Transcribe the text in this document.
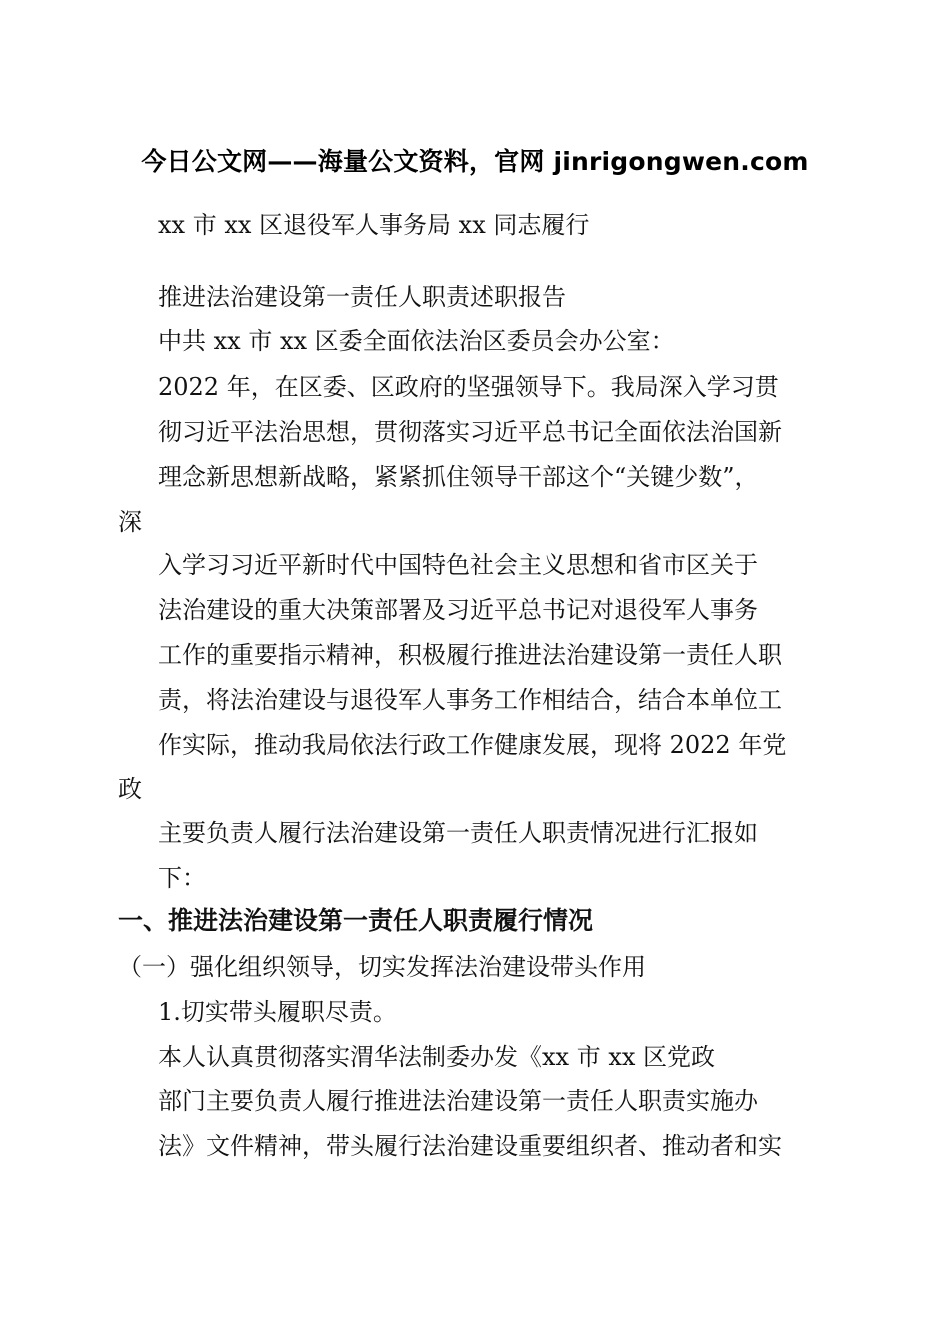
今日公文网——海量公文资料，官网 jinrigongwen.com
xx 市 xx 区退役军人事务局 xx 同志履行
推进法治建设第一责任人职责述职报告
中共 xx 市 xx 区委全面依法治区委员会办公室：
2022 年，在区委、区政府的坚强领导下。我局深入学习贯
彻习近平法治思想，贯彻落实习近平总书记全面依法治国新
理念新思想新战略，紧紧抓住领导干部这个“关键少数”，
深
入学习习近平新时代中国特色社会主义思想和省市区关于
法治建设的重大决策部署及习近平总书记对退役军人事务
工作的重要指示精神，积极履行推进法治建设第一责任人职
责，将法治建设与退役军人事务工作相结合，结合本单位工
作实际，推动我局依法行政工作健康发展，现将 2022 年党
政
主要负责人履行法治建设第一责任人职责情况进行汇报如
下：
一、推进法治建设第一责任人职责履行情况
（一）强化组织领导，切实发挥法治建设带头作用
1.切实带头履职尽责。
本人认真贯彻落实渭华法制委办发《xx 市 xx 区党政
部门主要负责人履行推进法治建设第一责任人职责实施办
法》文件精神，带头履行法治建设重要组织者、推动者和实
